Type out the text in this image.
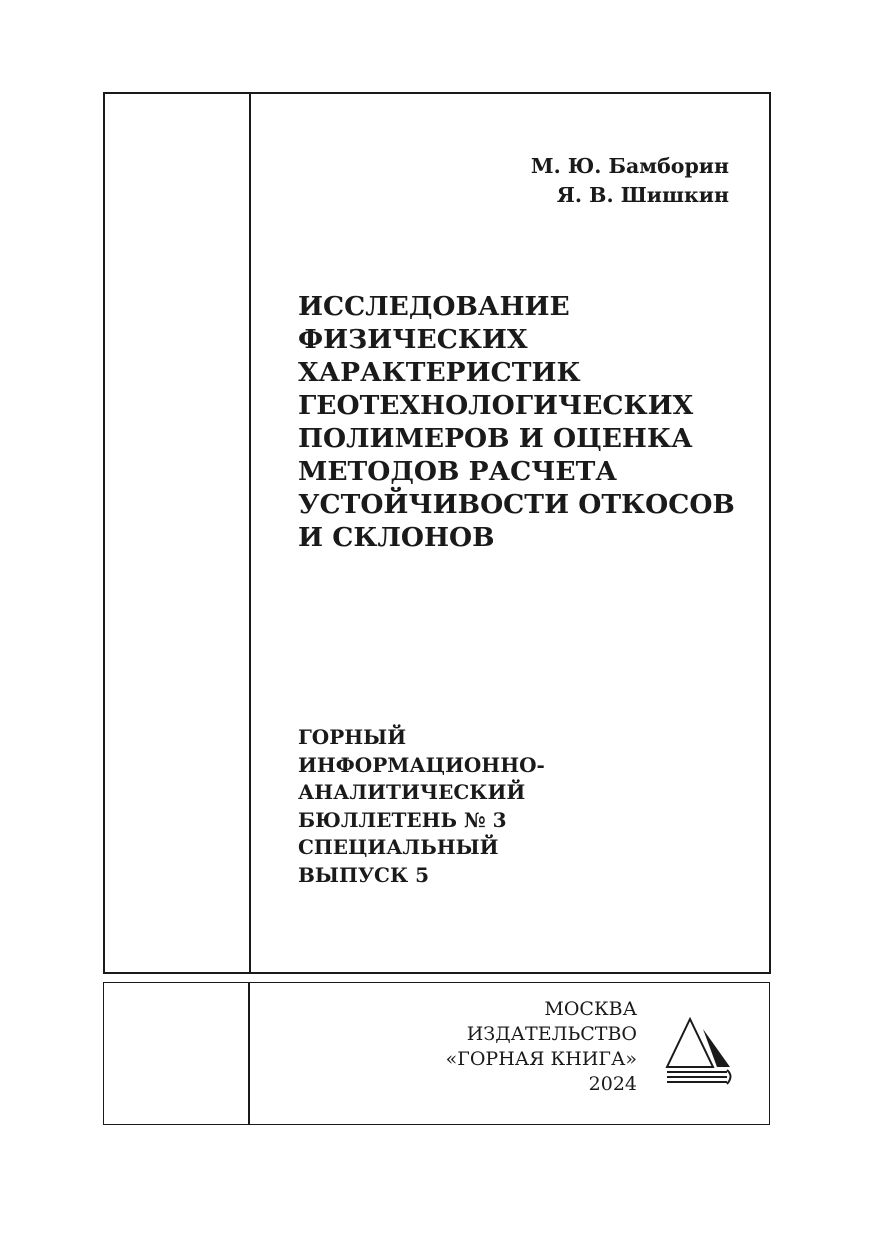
М. Ю. Бамборин
Я. В. Шишкин
ИССЛЕДОВАНИЕ
ФИЗИЧЕСКИХ
ХАРАКТЕРИСТИК
ГЕОТЕХНОЛОГИЧЕСКИХ
ПОЛИМЕРОВ И ОЦЕНКА
МЕТОДОВ РАСЧЕТА
УСТОЙЧИВОСТИ ОТКОСОВ
И СКЛОНОВ
ГОРНЫЙ
ИНФОРМАЦИОННО-
АНАЛИТИЧЕСКИЙ
БЮЛЛЕТЕНЬ № 3
СПЕЦИАЛЬНЫЙ
ВЫПУСК 5
МОСКВА
ИЗДАТЕЛЬСТВО
«ГОРНАЯ КНИГА»
2024
